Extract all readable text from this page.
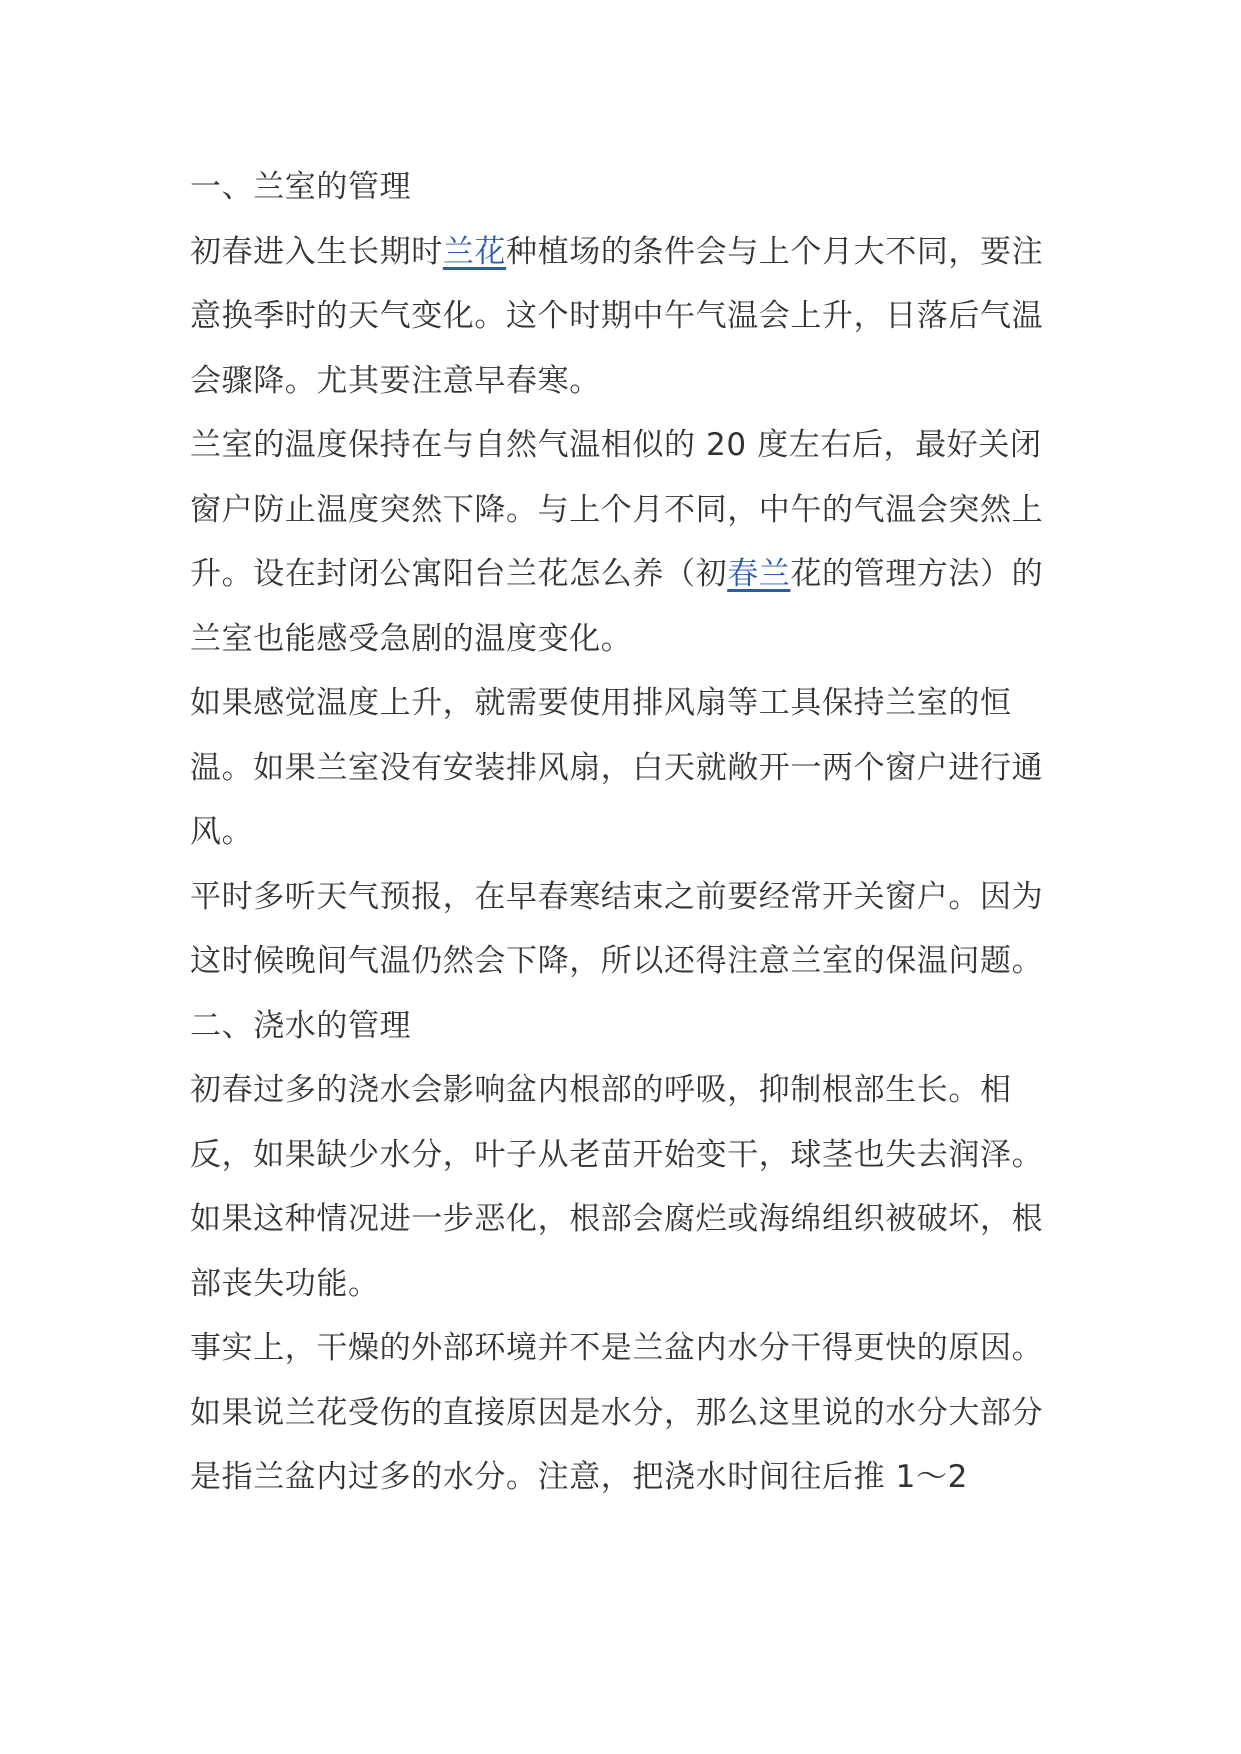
一、兰室的管理

初春进入生长期时兰花种植场的条件会与上个月大不同，要注意换季时的天气变化。这个时期中午气温会上升，日落后气温会骤降。尤其要注意早春寒。

兰室的温度保持在与自然气温相似的 20 度左右后，最好关闭窗户防止温度突然下降。与上个月不同，中午的气温会突然上升。设在封闭公寓阳台兰花怎么养（初春兰花的管理方法）的兰室也能感受急剧的温度变化。

如果感觉温度上升，就需要使用排风扇等工具保持兰室的恒温。如果兰室没有安装排风扇，白天就敞开一两个窗户进行通风。

平时多听天气预报，在早春寒结束之前要经常开关窗户。因为这时候晚间气温仍然会下降，所以还得注意兰室的保温问题。

二、浇水的管理

初春过多的浇水会影响盆内根部的呼吸，抑制根部生长。相反，如果缺少水分，叶子从老苗开始变干，球茎也失去润泽。如果这种情况进一步恶化，根部会腐烂或海绵组织被破坏，根部丧失功能。

事实上，干燥的外部环境并不是兰盆内水分干得更快的原因。如果说兰花受伤的直接原因是水分，那么这里说的水分大部分是指兰盆内过多的水分。注意，把浇水时间往后推 1～2
